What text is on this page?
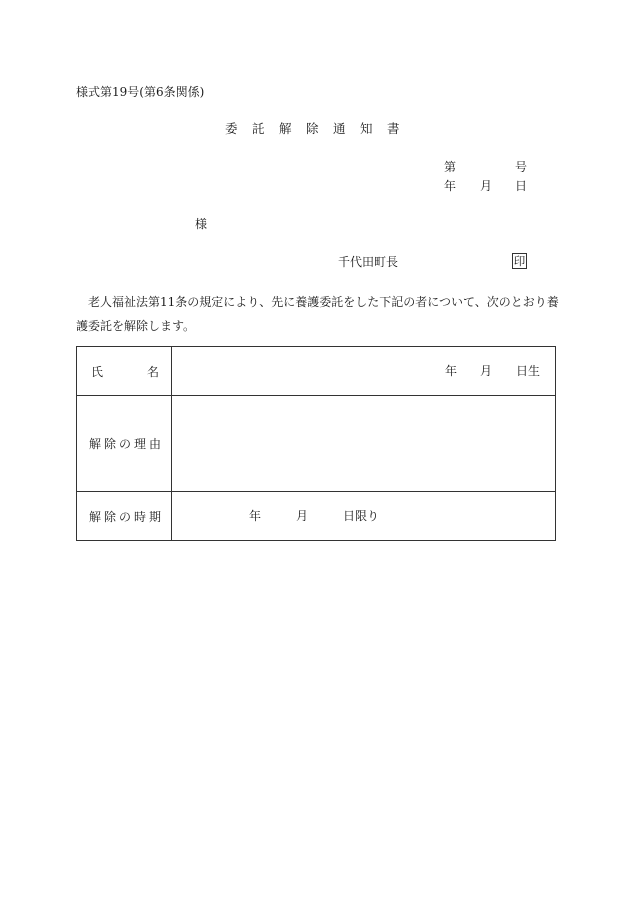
様式第19号(第6条関係)
委託解除通知書
第	号
年 月 日
様
千代田町長	印
老人福祉法第11条の規定により、先に養護委託をした下記の者について、次のとおり養護委託を解除します。
氏 名	年 月 日生

解除の理由	

解除の時期	年 月 日限り
